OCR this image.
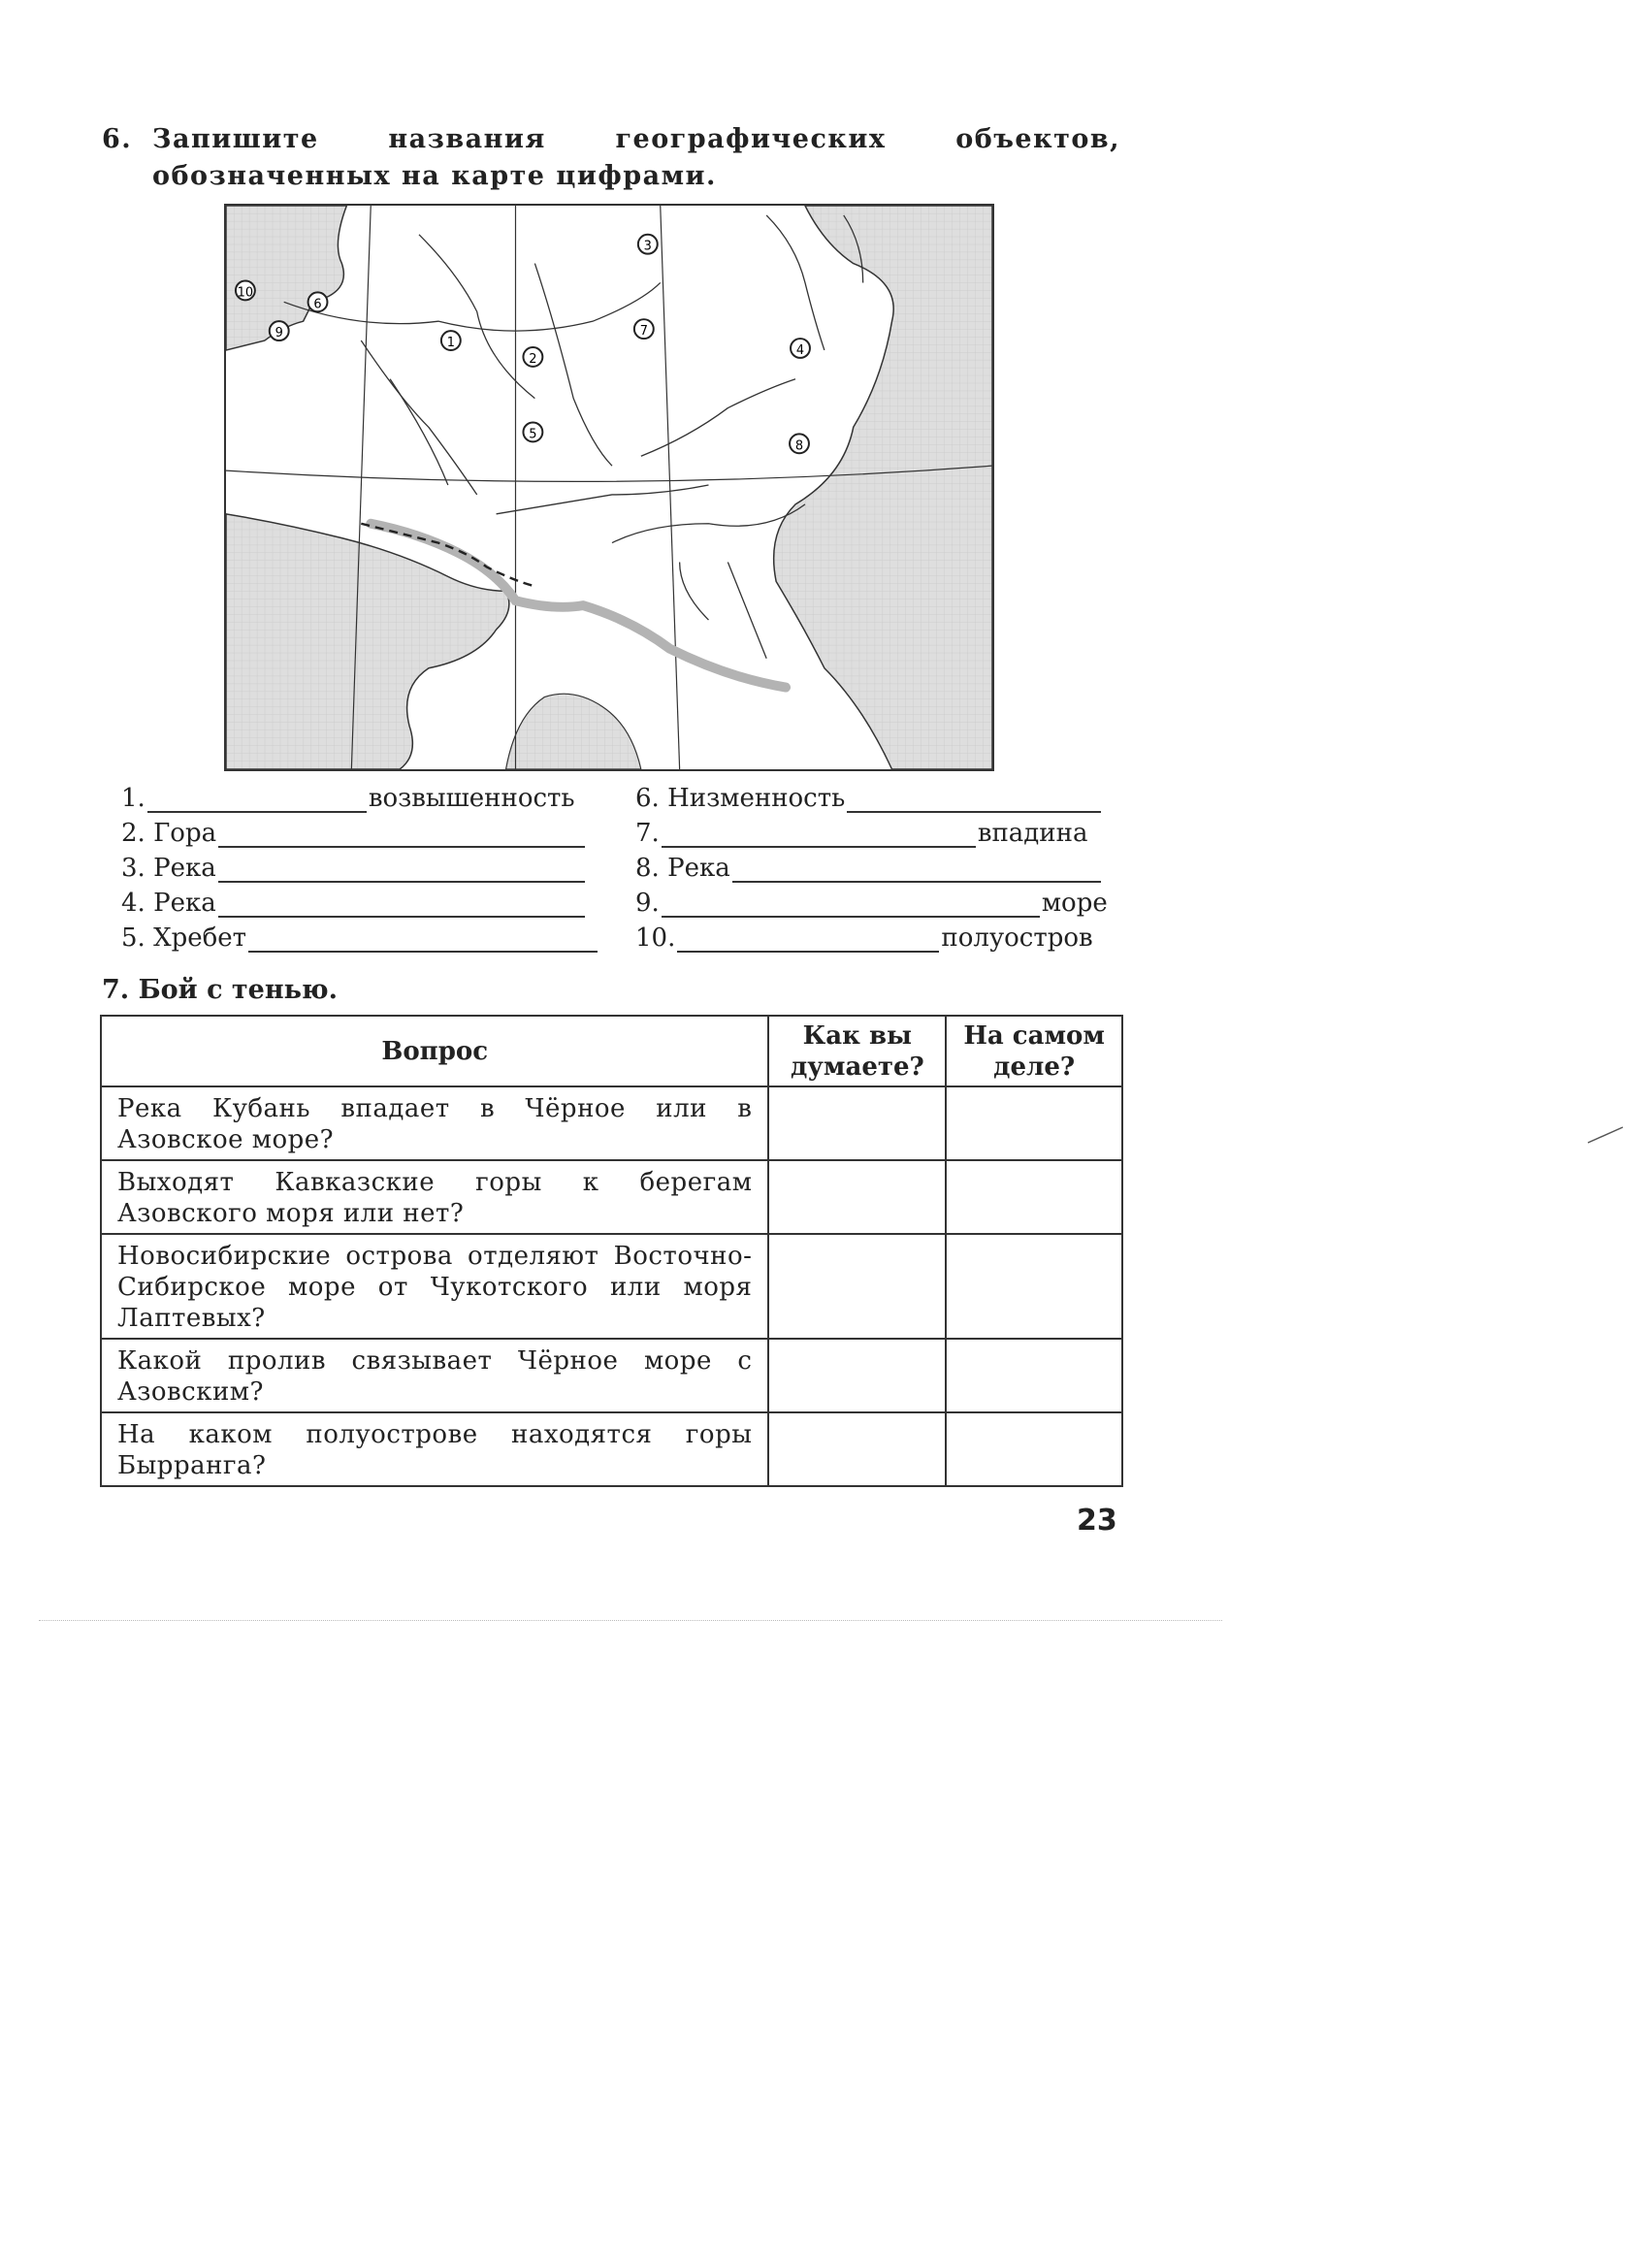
6. Запишите названия географических объектов, обозначенных на карте цифрами.
1
2
3
4
5
6
7
8
9
10
1.	возвышенность
2. Гора
3. Река
4. Река
5. Хребет
6. Низменность
7.	впадина
8. Река
9.	море
10.	полуостров
7. Бой с тенью.
Вопрос	Как вы думаете?	На самом деле?
Река Кубань впадает в Чёрное или в Азовское море?		
Выходят Кавказские горы к берегам Азовского моря или нет?		
Новосибирские острова отделяют Восточно-Сибирское море от Чукотского или моря Лаптевых?		
Какой пролив связывает Чёрное море с Азовским?		
На каком полуострове находятся горы Бырранга?		
23
